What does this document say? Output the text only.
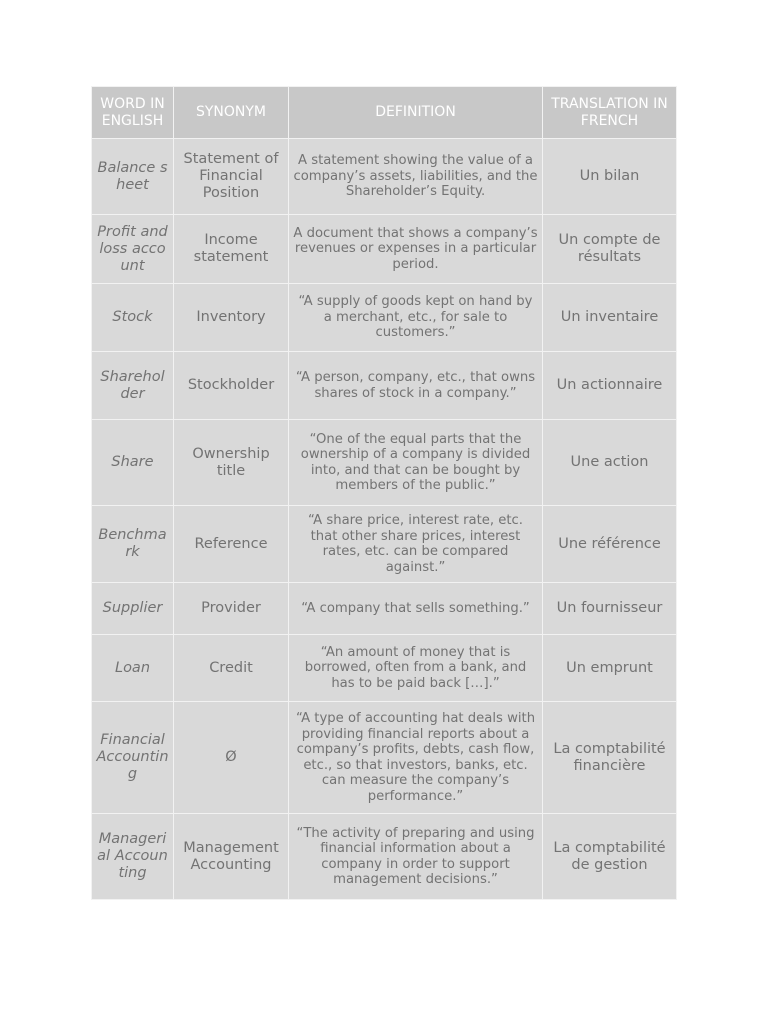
WORD IN ENGLISH	SYNONYM	DEFINITION	TRANSLATION IN FRENCH
Balance sheet	Statement of Financial Position	A statement showing the value of a company’s assets, liabilities, and the Shareholder’s Equity.	Un bilan
Profit and loss account	Income statement	A document that shows a company’s revenues or expenses in a particular period.	Un compte de résultats
Stock	Inventory	“A supply of goods kept on hand by a merchant, etc., for sale to customers.”	Un inventaire
Shareholder	Stockholder	“A person, company, etc., that owns shares of stock in a company.”	Un actionnaire
Share	Ownership title	“One of the equal parts that the ownership of a company is divided into, and that can be bought by members of the public.”	Une action
Benchmark	Reference	“A share price, interest rate, etc. that other share prices, interest rates, etc. can be compared against.”	Une référence
Supplier	Provider	“A company that sells something.”	Un fournisseur
Loan	Credit	“An amount of money that is borrowed, often from a bank, and has to be paid back […].”	Un emprunt
Financial Accounting	Ø	“A type of accounting hat deals with providing financial reports about a company’s profits, debts, cash flow, etc., so that investors, banks, etc. can measure the company’s performance.”	La comptabilité financière
Managerial Accounting	Management Accounting	“The activity of preparing and using financial information about a company in order to support management decisions.”	La comptabilité de gestion
